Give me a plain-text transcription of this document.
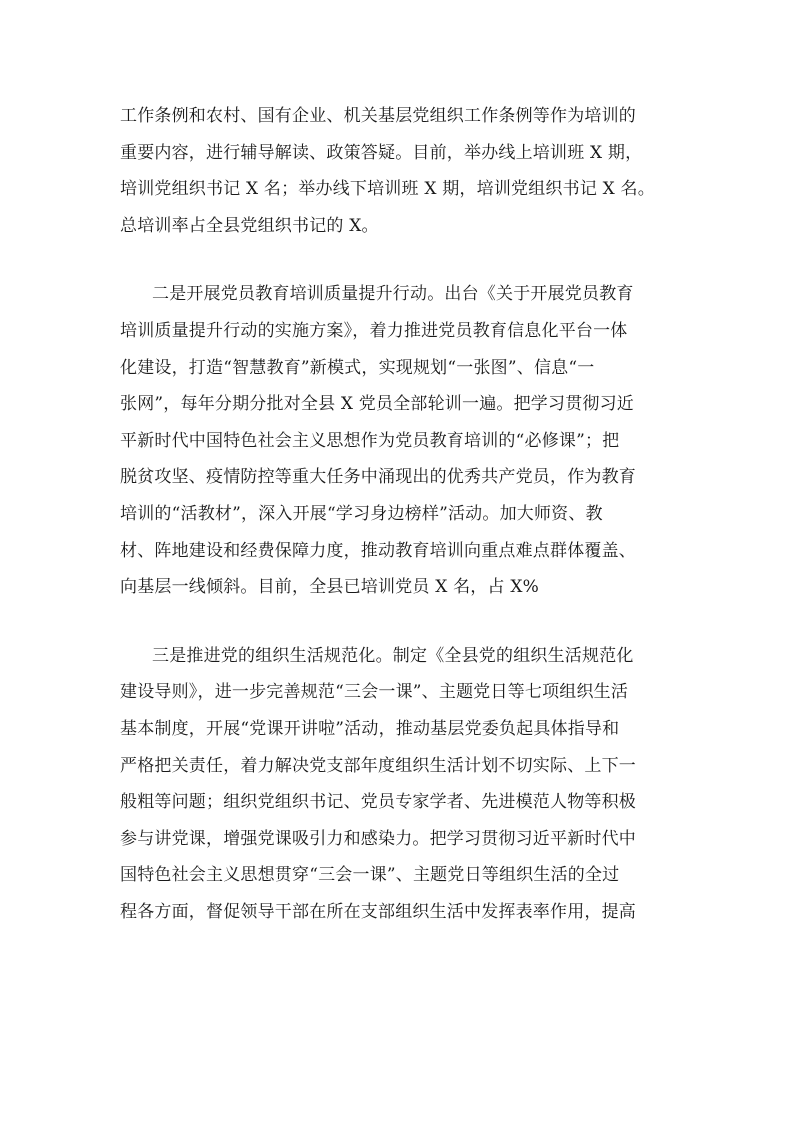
工作条例和农村、国有企业、机关基层党组织工作条例等作为培训的
重要内容，进行辅导解读、政策答疑。目前，举办线上培训班 X 期，
培训党组织书记 X 名；举办线下培训班 X 期，培训党组织书记 X 名。
总培训率占全县党组织书记的 X。
二是开展党员教育培训质量提升行动。出台《关于开展党员教育
培训质量提升行动的实施方案》，着力推进党员教育信息化平台一体
化建设，打造“智慧教育”新模式，实现规划“一张图”、信息“一
张网”，每年分期分批对全县 X 党员全部轮训一遍。把学习贯彻习近
平新时代中国特色社会主义思想作为党员教育培训的“必修课”；把
脱贫攻坚、疫情防控等重大任务中涌现出的优秀共产党员，作为教育
培训的“活教材”，深入开展“学习身边榜样”活动。加大师资、教
材、阵地建设和经费保障力度，推动教育培训向重点难点群体覆盖、
向基层一线倾斜。目前，全县已培训党员 X 名，占 X%
三是推进党的组织生活规范化。制定《全县党的组织生活规范化
建设导则》，进一步完善规范“三会一课”、主题党日等七项组织生活
基本制度，开展“党课开讲啦”活动，推动基层党委负起具体指导和
严格把关责任，着力解决党支部年度组织生活计划不切实际、上下一
般粗等问题；组织党组织书记、党员专家学者、先进模范人物等积极
参与讲党课，增强党课吸引力和感染力。把学习贯彻习近平新时代中
国特色社会主义思想贯穿“三会一课”、主题党日等组织生活的全过
程各方面，督促领导干部在所在支部组织生活中发挥表率作用，提高
